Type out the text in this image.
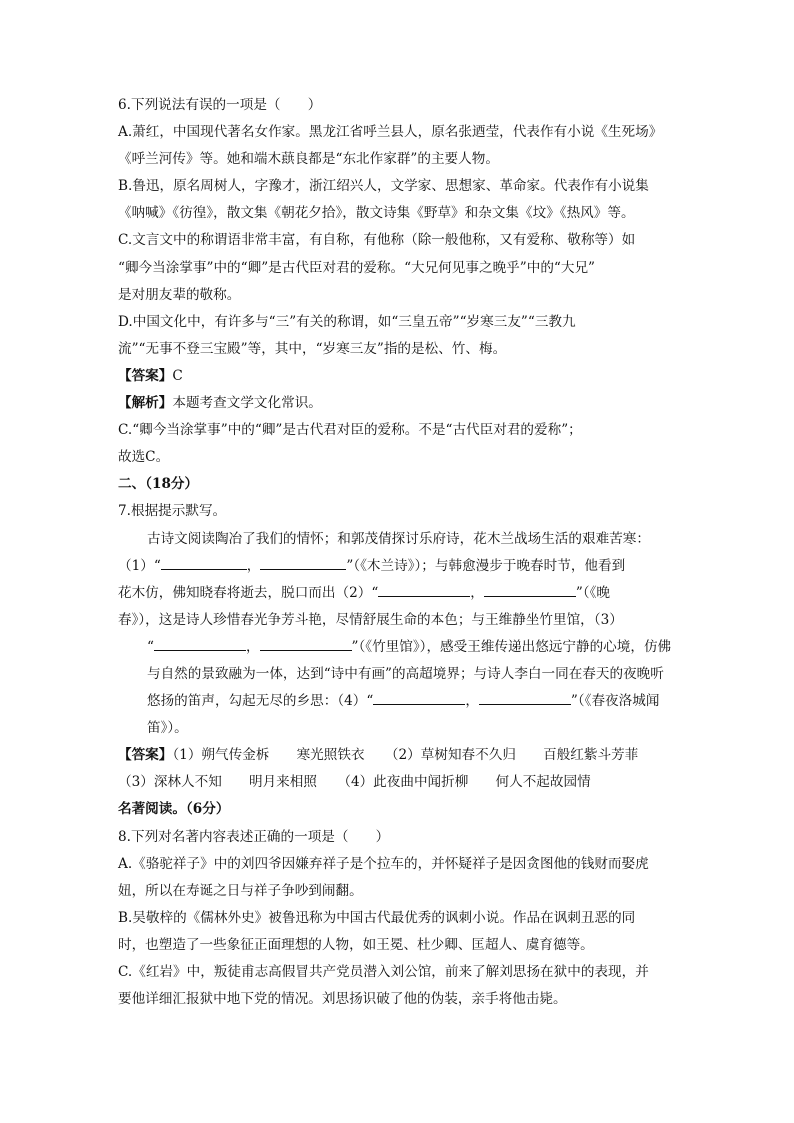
6.下列说法有误的一项是（　　）
A.萧红，中国现代著名女作家。黑龙江省呼兰县人，原名张迺莹，代表作有小说《生死场》
《呼兰河传》等。她和端木蕻良都是“东北作家群”的主要人物。
B.鲁迅，原名周树人，字豫才，浙江绍兴人，文学家、思想家、革命家。代表作有小说集
《呐喊》《彷徨》，散文集《朝花夕拾》，散文诗集《野草》和杂文集《坟》《热风》等。
C.文言文中的称谓语非常丰富，有自称，有他称（除一般他称，又有爱称、敬称等）如
“卿今当涂掌事”中的“卿”是古代臣对君的爱称。“大兄何见事之晚乎”中的“大兄”
是对朋友辈的敬称。
D.中国文化中，有许多与“三”有关的称谓，如“三皇五帝”“岁寒三友”“三教九
流”“无事不登三宝殿”等，其中，“岁寒三友”指的是松、竹、梅。
【答案】C
【解析】本题考查文学文化常识。
C.“卿今当涂掌事”中的“卿”是古代君对臣的爱称。不是“古代臣对君的爱称”；
故选C。
二、（18分）
7.根据提示默写。
古诗文阅读陶冶了我们的情怀；和郭茂倩探讨乐府诗，花木兰战场生活的艰难苦寒：
（1）“	，	”（《木兰诗》）；与韩愈漫步于晚春时节，他看到
花木仿，佛知晓春将逝去，脱口而出（2）“	，	”（《晚
春》），这是诗人珍惜春光争芳斗艳，尽情舒展生命的本色；与王维静坐竹里馆，（3）
“	，	”（《竹里馆》），感受王维传递出悠远宁静的心境，仿佛
与自然的景致融为一体，达到“诗中有画”的高超境界；与诗人李白一同在春天的夜晚听
悠扬的笛声，勾起无尽的乡思：（4）“	，	”（《春夜洛城闻
笛》）。
【答案】（1）朔气传金柝　　寒光照铁衣　　（2）草树知春不久归　　百般红紫斗芳菲
（3）深林人不知　　明月来相照　　（4）此夜曲中闻折柳　　何人不起故园情
名著阅读。（6分）
8.下列对名著内容表述正确的一项是（　　）
A.《骆驼祥子》中的刘四爷因嫌弃祥子是个拉车的，并怀疑祥子是因贪图他的钱财而娶虎
妞，所以在寿诞之日与祥子争吵到闹翻。
B.吴敬梓的《儒林外史》被鲁迅称为中国古代最优秀的讽刺小说。作品在讽刺丑恶的同
时，也塑造了一些象征正面理想的人物，如王冕、杜少卿、匡超人、虞育德等。
C.《红岩》中，叛徒甫志高假冒共产党员潜入刘公馆，前来了解刘思扬在狱中的表现，并
要他详细汇报狱中地下党的情况。刘思扬识破了他的伪装，亲手将他击毙。
